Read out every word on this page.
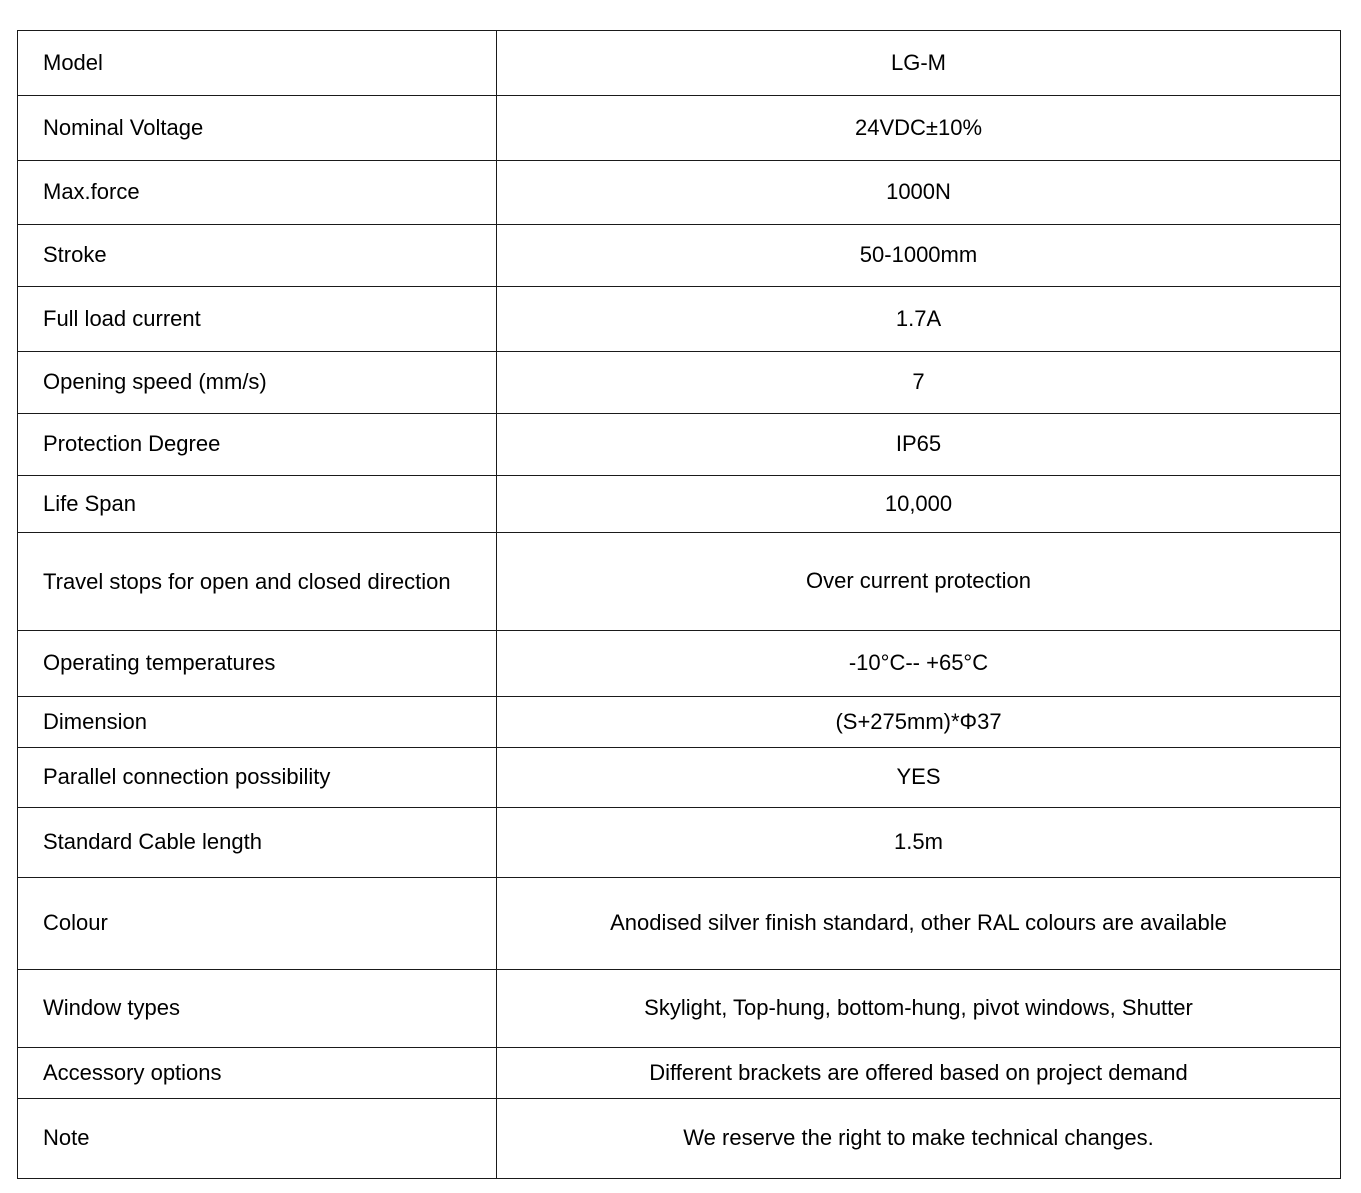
Model	LG-M
Nominal Voltage	24VDC±10%
Max.force	1000N
Stroke	50-1000mm
Full load current	1.7A
Opening speed (mm/s)	7
Protection Degree	IP65
Life Span	10,000
Travel stops for open and closed direction	Over current protection
Operating temperatures	-10°C-- +65°C
Dimension	(S+275mm)*Φ37
Parallel connection possibility	YES
Standard Cable length	1.5m
Colour	Anodised silver finish standard, other RAL colours are available
Window types	Skylight, Top-hung, bottom-hung, pivot windows, Shutter
Accessory options	Different brackets are offered based on project demand
Note	We reserve the right to make technical changes.
